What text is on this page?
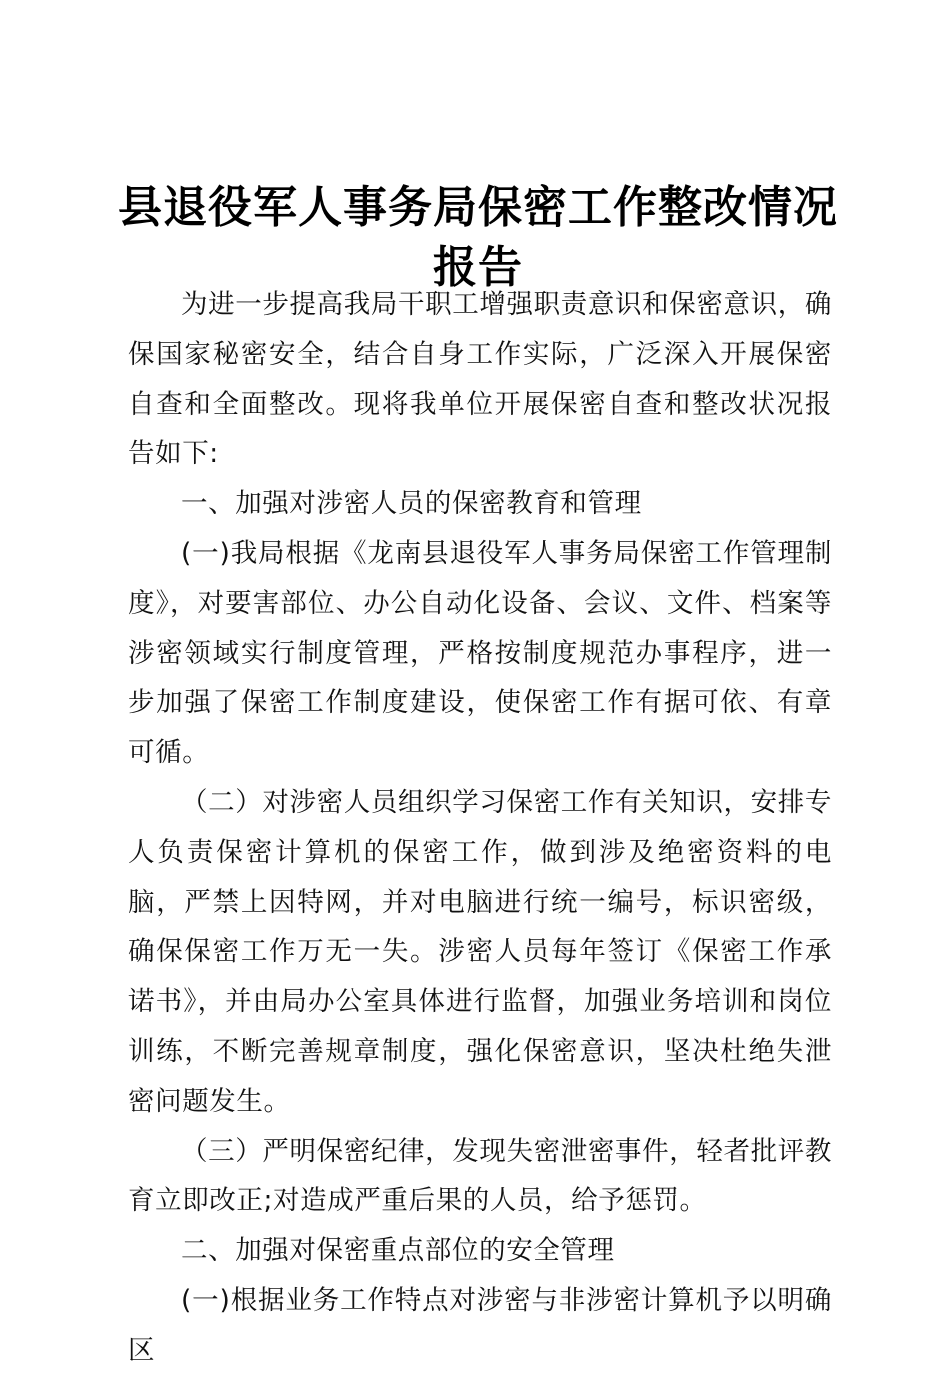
县退役军人事务局保密工作整改情况报告

为进一步提高我局干职工增强职责意识和保密意识，确保国家秘密安全，结合自身工作实际，广泛深入开展保密自查和全面整改。现将我单位开展保密自查和整改状况报告如下:

一、加强对涉密人员的保密教育和管理

(一)我局根据《龙南县退役军人事务局保密工作管理制度》，对要害部位、办公自动化设备、会议、文件、档案等涉密领域实行制度管理，严格按制度规范办事程序，进一步加强了保密工作制度建设，使保密工作有据可依、有章可循。

（二）对涉密人员组织学习保密工作有关知识，安排专人负责保密计算机的保密工作，做到涉及绝密资料的电脑，严禁上因特网，并对电脑进行统一编号，标识密级，确保保密工作万无一失。涉密人员每年签订《保密工作承诺书》，并由局办公室具体进行监督，加强业务培训和岗位训练，不断完善规章制度，强化保密意识，坚决杜绝失泄密问题发生。

（三）严明保密纪律，发现失密泄密事件，轻者批评教育立即改正;对造成严重后果的人员，给予惩罚。

二、加强对保密重点部位的安全管理

(一)根据业务工作特点对涉密与非涉密计算机予以明确区
